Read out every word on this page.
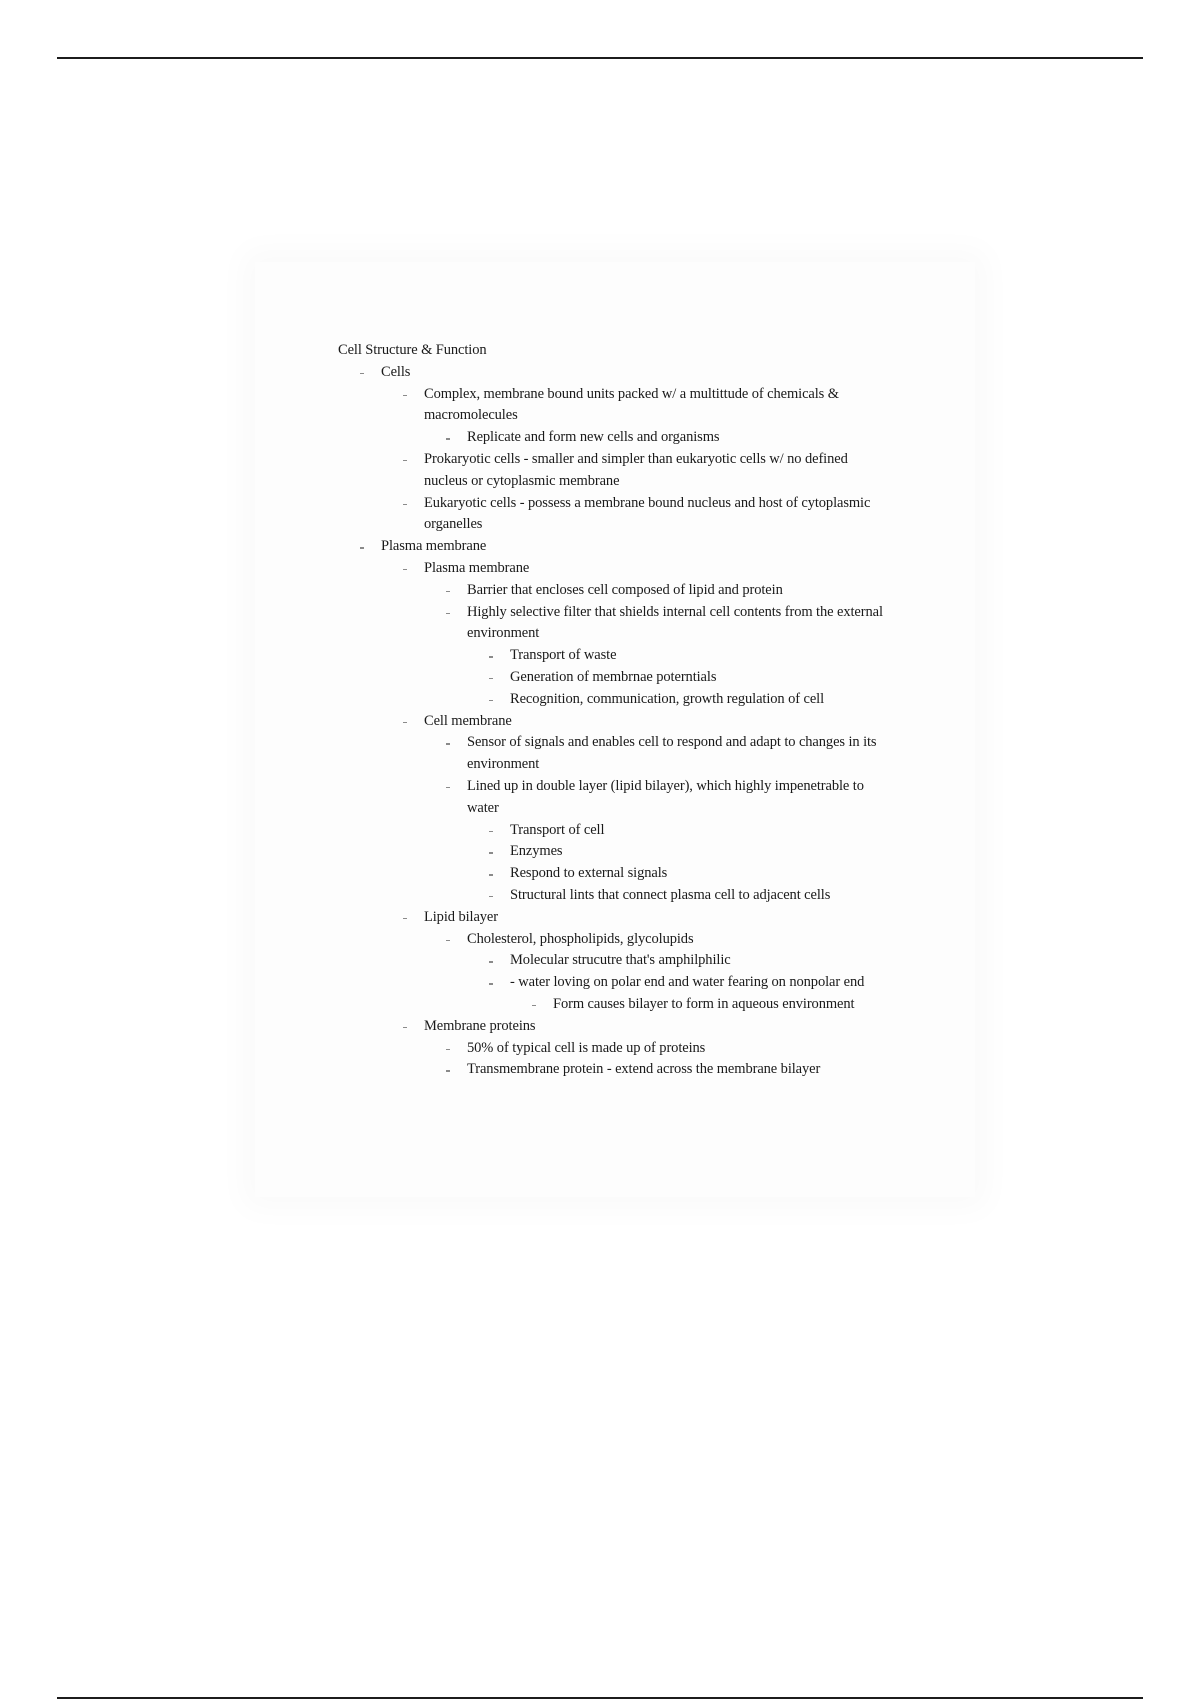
Cell Structure & Function
Cells
Complex, membrane bound units packed w/ a multittude of chemicals & macromolecules
Replicate and form new cells and organisms
Prokaryotic cells - smaller and simpler than eukaryotic cells w/ no defined nucleus or cytoplasmic membrane
Eukaryotic cells - possess a membrane bound nucleus and host of cytoplasmic organelles
Plasma membrane
Plasma membrane
Barrier that encloses cell composed of lipid and protein
Highly selective filter that shields internal cell contents from the external environment
Transport of waste
Generation of membrnae poterntials
Recognition, communication, growth regulation of cell
Cell membrane
Sensor of signals and enables cell to respond and adapt to changes in its environment
Lined up in double layer (lipid bilayer), which highly impenetrable to water
Transport of cell
Enzymes
Respond to external signals
Structural lints that connect plasma cell to adjacent cells
Lipid bilayer
Cholesterol, phospholipids, glycolupids
Molecular strucutre that's amphilphilic
- water loving on polar end and water fearing on nonpolar end
Form causes bilayer to form in aqueous environment
Membrane proteins
50% of typical cell is made up of proteins
Transmembrane protein - extend across the membrane bilayer
